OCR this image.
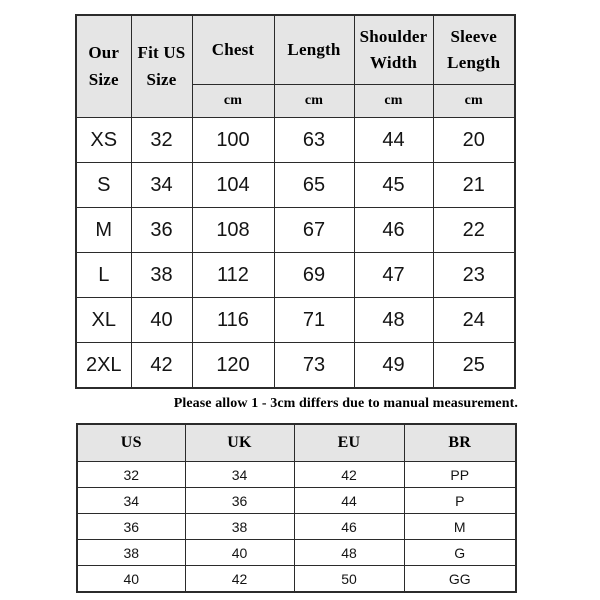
Our Size	Fit US Size	Chest	Length	Shoulder Width	Sleeve Length
		cm	cm	cm	cm
XS	32	100	63	44	20
S	34	104	65	45	21
M	36	108	67	46	22
L	38	112	69	47	23
XL	40	116	71	48	24
2XL	42	120	73	49	25
Please allow 1 - 3cm differs due to manual measurement.
US	UK	EU	BR
32	34	42	PP
34	36	44	P
36	38	46	M
38	40	48	G
40	42	50	GG
